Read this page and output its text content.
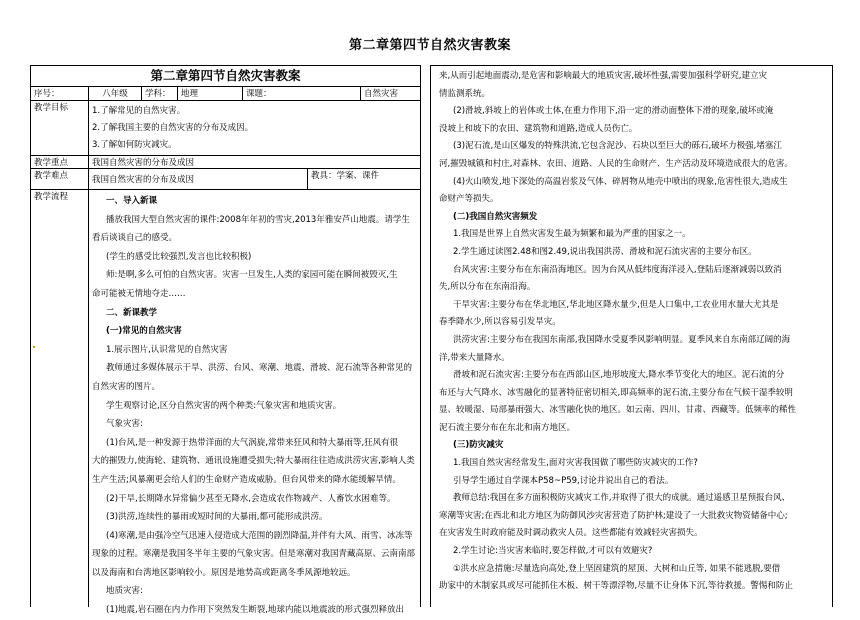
第二章第四节自然灾害教案
第二章第四节自然灾害教案
序号：	八年级	学科：	地理	课题：	自然灾害
教学目标	1.了解常见的自然灾害。

2.了解我国主要的自然灾害的分布及成因。

3.了解如何防灾减灾。

教学重点	我国自然灾害的分布及成因
教学难点	我国自然灾害的分布及成因	教具：学案、课件
教学流程	一、导入新课

播放我国大型自然灾害的课件:2008年年初的雪灾,2013年雅安芦山地震。请学生

看后谈谈自己的感受。

(学生的感受比较强烈,发言也比较积极)

师:是啊,多么可怕的自然灾害。灾害一旦发生,人类的家园可能在瞬间被毁灭,生

命可能被无情地夺走……

二、新课教学

(一)常见的自然灾害

1.展示图片,认识常见的自然灾害

教师通过多媒体展示干旱、洪涝、台风、寒潮、地震、滑坡、泥石流等各种常见的

自然灾害的图片。

学生观察讨论,区分自然灾害的两个种类:气象灾害和地质灾害。

气象灾害:

(1)台风,是一种发源于热带洋面的大气涡旋,常带来狂风和特大暴雨等,狂风有很

大的摧毁力,使海轮、建筑物、通讯设施遭受损失;特大暴雨往往造成洪涝灾害,影响人类

生产生活;风暴潮更会给人们的生命财产造成威胁。但台风带来的降水能缓解旱情。

(2)干旱,长期降水异常偏少甚至无降水,会造成农作物减产、人畜饮水困难等。

(3)洪涝,连续性的暴雨或短时间的大暴雨,都可能形成洪涝。

(4)寒潮,是由强冷空气迅速入侵造成大范围的剧烈降温,并伴有大风、雨雪、冰冻等

现象的过程。寒潮是我国冬半年主要的气象灾害。但是寒潮对我国青藏高原、云南南部

以及海南和台湾地区影响较小。原因是地势高或距离冬季风源地较远。

地质灾害:

(1)地震,岩石圈在内力作用下突然发生断裂,地球内能以地震波的形式强烈释放出

来,从而引起地面震动,是危害和影响最大的地质灾害,破坏性强,需要加强科学研究,建立灾

情监测系统。

(2)滑坡,斜坡上的岩体或土体,在重力作用下,沿一定的滑动面整体下滑的现象,破坏或淹

没坡上和坡下的农田、建筑物和道路,造成人员伤亡。

(3)泥石流,是山区爆发的特殊洪流,它包含泥沙、石块以至巨大的砾石,破坏力极强,堵塞江

河,摧毁城镇和村庄,对森林、农田、道路、人民的生命财产、生产活动及环境造成很大的危害。

(4)火山喷发,地下深处的高温岩浆及气体、碎屑物从地壳中喷出的现象,危害性很大,造成生

命财产等损失。

(二)我国自然灾害频发

1.我国是世界上自然灾害发生最为频繁和最为严重的国家之一。

2.学生通过读图2.48和图2.49,说出我国洪涝、滑坡和泥石流灾害的主要分布区。

台风灾害:主要分布在东南沿海地区。因为台风从低纬度海洋浸入,登陆后逐渐减弱以致消

失,所以分布在东南沿海。

干旱灾害:主要分布在华北地区,华北地区降水量少,但是人口集中,工农业用水量大尤其是

春季降水少,所以容易引发旱灾。

洪涝灾害:主要分布在我国东南部,我国降水受夏季风影响明显。夏季风来自东南部辽阔的海

洋,带来大量降水。

滑坡和泥石流灾害:主要分布在西部山区,地形坡度大,降水季节变化大的地区。泥石流的分

布还与大气降水、冰雪融化的显著特征密切相关,即高频率的泥石流,主要分布在气候干湿季较明

显、较暖湿、局部暴雨强大、冰雪融化快的地区。如云南、四川、甘肃、西藏等。低频率的稀性

泥石流主要分布在东北和南方地区。

(三)防灾减灾

1.我国自然灾害经常发生,面对灾害我国做了哪些防灾减灾的工作?

引导学生通过自学课本P58~P59,讨论并说出自己的看法。

教师总结:我国在多方面积极防灾减灾工作,并取得了很大的成就。通过遥感卫星预报台风、

寒潮等灾害;在西北和北方地区为防御风沙灾害营造了防护林;建设了一大批救灾物资储备中心;

在灾害发生时政府能及时调动救灾人员。这些都能有效减轻灾害损失。

2.学生讨论:当灾害来临时,要怎样做,才可以有效避灾?

①洪水应急措施:尽量选向高处,登上坚固建筑的屋顶、大树和山丘等, 如果不能逃脱,要借

助家中的木制家具或尽可能抓住木板、树干等漂浮物,尽量不让身体下沉,等待救援。警惕和防止
